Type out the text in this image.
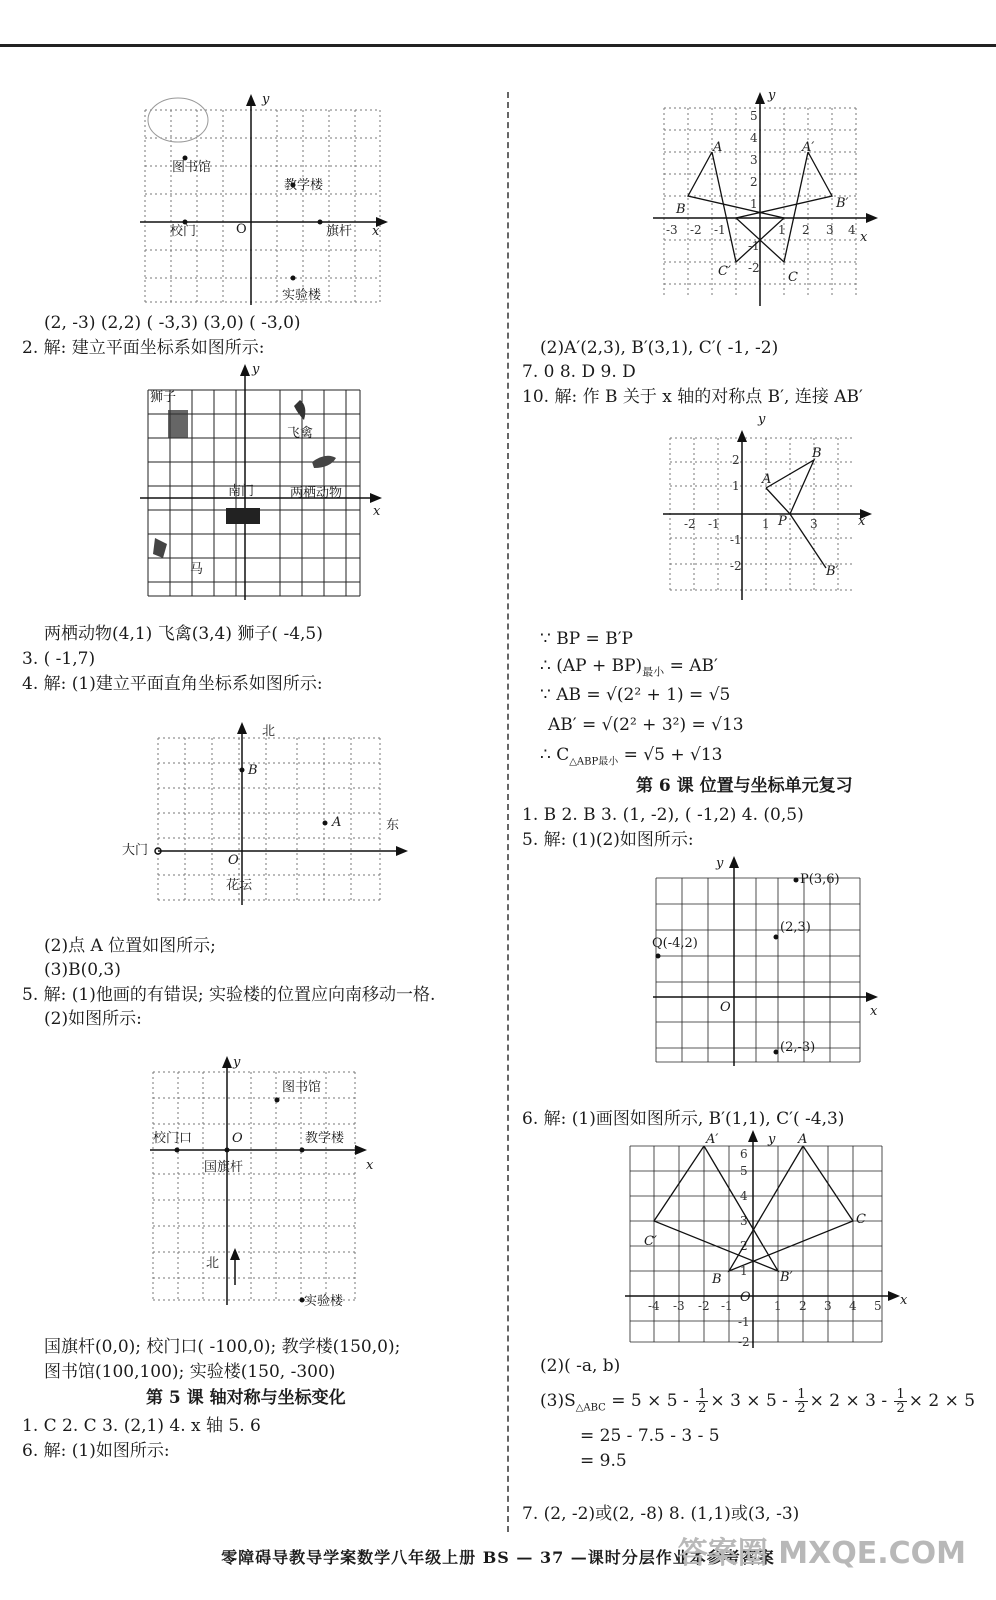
图书馆
教学楼
校门	O	旗杆 x
y
实验楼
(2, -3) (2,2) ( -3,3) (3,0) ( -3,0)
2. 解: 建立平面坐标系如图所示:
狮子
飞禽
南门	两栖动物
马
x
y
两栖动物(4,1) 飞禽(3,4) 狮子( -4,5)
3. ( -1,7)
4. 解: (1)建立平面直角坐标系如图所示:
北
B
A	东
大门
O
花坛
(2)点 A 位置如图所示;
(3)B(0,3)
5. 解: (1)他画的有错误; 实验楼的位置应向南移动一格.
(2)如图所示:
图书馆
校门口	O	教学楼
国旗杆	x
y
北
实验楼
国旗杆(0,0); 校门口( -100,0); 教学楼(150,0);
图书馆(100,100); 实验楼(150, -300)
第 5 课 轴对称与坐标变化
1. C 2. C 3. (2,1) 4. x 轴 5. 6
6. 解: (1)如图所示:
-3 -2 -1	1 2 3 4
5
4
3
2
1
-1
-2
A	A′
B	B′
C′	C
x
y
(2)A′(2,3), B′(3,1), C′( -1, -2)
7. 0 8. D 9. D
10. 解: 作 B 关于 x 轴的对称点 B′, 连接 AB′
-2 -1	1	3
2
1
-1
-2
B
A
P
B′
x
y
∵ BP = B′P
∴ $(AP + BP)_{最小} = AB'$
∵ AB = √(2² + 1) = √5
AB′ = √(2² + 3²) = √13
∴ $C_{\triangle ABP最小} = √5 + √13$
第 6 课 位置与坐标单元复习
1. B 2. B 3. (1, -2), ( -1,2) 4. (0,5)
5. 解: (1)(2)如图所示:
P(3,6)
Q(-4,2)
(2,3)
(2,-3)
O	x
y
6. 解: (1)画图如图所示, B′(1,1), C′( -4,3)
-4 -3 -2 -1	1 2 3 4 5
6
5
4
3
2
1
-1
-2
A′	A
C′
C
B	B′
O	x
y
(2)( -a, b)
$(3)S_{\triangle ABC} = 5 \times 5 - \frac{1}{2} \times 3 \times 5 - \frac{1}{2} \times 2 \times 3 - \frac{1}{2} \times 2 \times 5$
= 25 - 7.5 - 3 - 5
= 9.5
7. (2, -2)或(2, -8) 8. (1,1)或(3, -3)
零障碍导教导学案数学八年级上册 BS — 37 —课时分层作业本参考答案
答案圈 MXQE.COM
